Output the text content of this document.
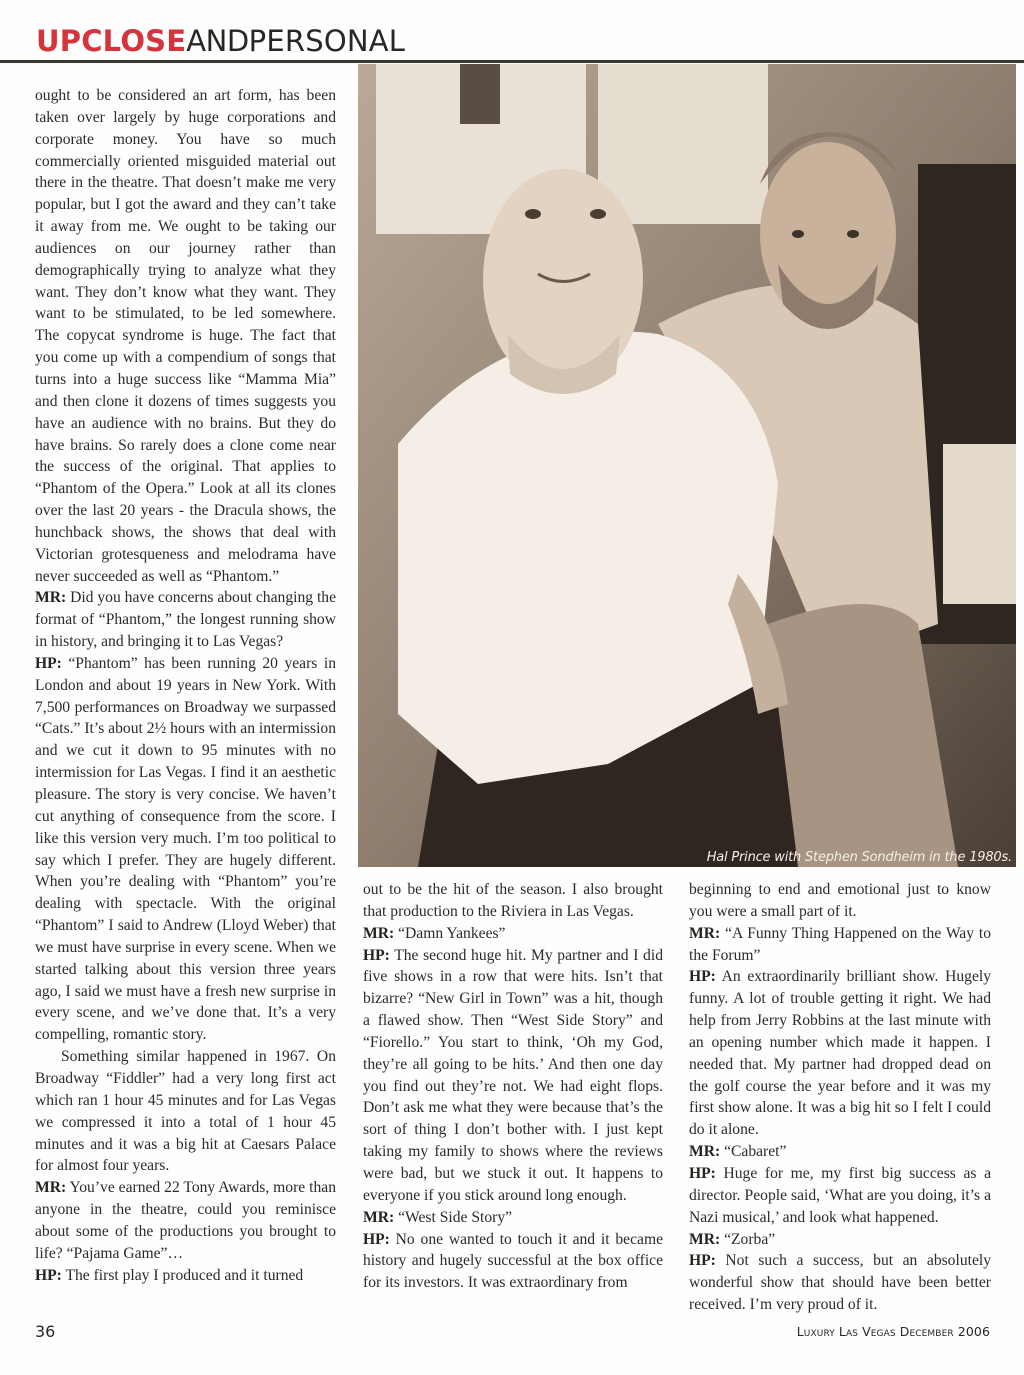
UPCLOSEANDPERSONAL

ought to be considered an art form, has been taken over largely by huge corporations and corporate money. You have so much commercially oriented misguided material out there in the theatre. That doesn’t make me very popular, but I got the award and they can’t take it away from me. We ought to be taking our audiences on our journey rather than demographically trying to analyze what they want. They don’t know what they want. They want to be stimulated, to be led somewhere. The copycat syndrome is huge. The fact that you come up with a compendium of songs that turns into a huge success like “Mamma Mia” and then clone it dozens of times suggests you have an audience with no brains. But they do have brains. So rarely does a clone come near the success of the original. That applies to “Phantom of the Opera.” Look at all its clones over the last 20 years - the Dracula shows, the hunchback shows, the shows that deal with Victorian grotesqueness and melodrama have never succeeded as well as “Phantom.”

MR: Did you have concerns about changing the format of “Phantom,” the longest running show in history, and bringing it to Las Vegas?

HP: “Phantom” has been running 20 years in London and about 19 years in New York. With 7,500 performances on Broadway we surpassed “Cats.” It’s about 2½ hours with an intermission and we cut it down to 95 minutes with no intermission for Las Vegas. I find it an aesthetic pleasure. The story is very concise. We haven’t cut anything of consequence from the score. I like this version very much. I’m too political to say which I prefer. They are hugely different. When you’re dealing with “Phantom” you’re dealing with spectacle. With the original “Phantom” I said to Andrew (Lloyd Weber) that we must have surprise in every scene. When we started talking about this version three years ago, I said we must have a fresh new surprise in every scene, and we’ve done that. It’s a very compelling, romantic story.

Something similar happened in 1967. On Broadway “Fiddler” had a very long first act which ran 1 hour 45 minutes and for Las Vegas we compressed it into a total of 1 hour 45 minutes and it was a big hit at Caesars Palace for almost four years.

MR: You’ve earned 22 Tony Awards, more than anyone in the theatre, could you reminisce about some of the productions you brought to life? “Pajama Game”…

HP: The first play I produced and it turned

Hal Prince with Stephen Sondheim in the 1980s.

out to be the hit of the season. I also brought that production to the Riviera in Las Vegas.

MR: “Damn Yankees”

HP: The second huge hit. My partner and I did five shows in a row that were hits. Isn’t that bizarre? “New Girl in Town” was a hit, though a flawed show. Then “West Side Story” and “Fiorello.” You start to think, ‘Oh my God, they’re all going to be hits.’ And then one day you find out they’re not. We had eight flops. Don’t ask me what they were because that’s the sort of thing I don’t bother with. I just kept taking my family to shows where the reviews were bad, but we stuck it out. It happens to everyone if you stick around long enough.

MR: “West Side Story”

HP: No one wanted to touch it and it became history and hugely successful at the box office for its investors. It was extraordinary from

beginning to end and emotional just to know you were a small part of it.

MR: “A Funny Thing Happened on the Way to the Forum”

HP: An extraordinarily brilliant show. Hugely funny. A lot of trouble getting it right. We had help from Jerry Robbins at the last minute with an opening number which made it happen. I needed that. My partner had dropped dead on the golf course the year before and it was my first show alone. It was a big hit so I felt I could do it alone.

MR: “Cabaret”

HP: Huge for me, my first big success as a director. People said, ‘What are you doing, it’s a Nazi musical,’ and look what happened.

MR: “Zorba”

HP: Not such a success, but an absolutely wonderful show that should have been better received. I’m very proud of it.

36	Luxury Las Vegas December 2006
